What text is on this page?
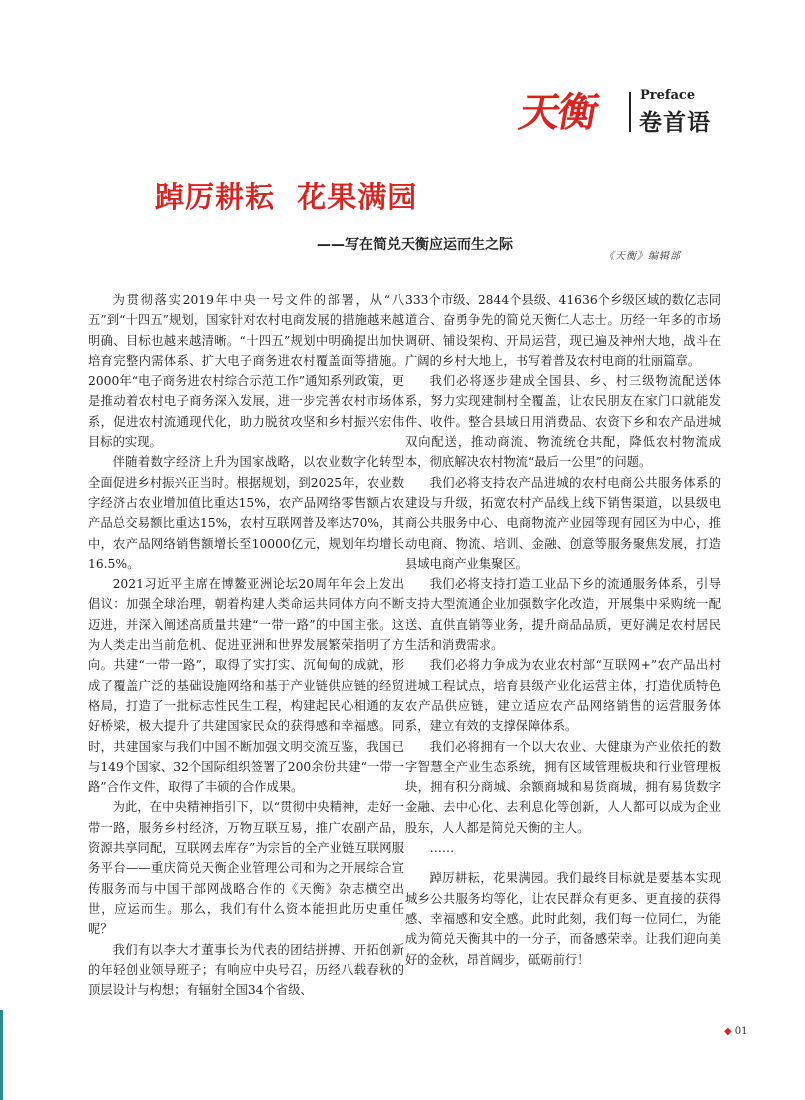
天衡	Preface
卷首语
踔厉耕耘  花果满园
——写在简兑天衡应运而生之际
《天衡》编辑部

为贯彻落实2019年中央一号文件的部署，从“八五”到“十四五”规划，国家针对农村电商发展的措施越来越明确、目标也越来越清晰。“十四五”规划中明确提出加快培育完整内需体系、扩大电子商务进农村覆盖面等措施。2000年“电子商务进农村综合示范工作”通知系列政策，更是推动着农村电子商务深入发展，进一步完善农村市场体系，促进农村流通现代化，助力脱贫攻坚和乡村振兴宏伟目标的实现。

伴随着数字经济上升为国家战略，以农业数字化转型全面促进乡村振兴正当时。根据规划，到2025年，农业数字经济占农业增加值比重达15%，农产品网络零售额占农产品总交易额比重达15%，农村互联网普及率达70%，其中，农产品网络销售额增长至10000亿元，规划年均增长16.5%。

2021习近平主席在博鳌亚洲论坛20周年年会上发出倡议：加强全球治理，朝着构建人类命运共同体方向不断迈进，并深入阐述高质量共建“一带一路”的中国主张。这为人类走出当前危机、促进亚洲和世界发展繁荣指明了方向。共建“一带一路”，取得了实打实、沉甸甸的成就，形成了覆盖广泛的基础设施网络和基于产业链供应链的经贸格局，打造了一批标志性民生工程，构建起民心相通的友好桥梁，极大提升了共建国家民众的获得感和幸福感。同时，共建国家与我们中国不断加强文明交流互鉴，我国已与149个国家、32个国际组织签署了200余份共建“一带一路”合作文件，取得了丰硕的合作成果。

为此，在中央精神指引下，以“贯彻中央精神，走好一带一路，服务乡村经济，万物互联互易，推广农副产品，资源共享同配，互联网去库存”为宗旨的全产业链互联网服务平台——重庆简兑天衡企业管理公司和为之开展综合宣传服务而与中国干部网战略合作的《天衡》杂志横空出世，应运而生。那么，我们有什么资本能担此历史重任呢？

我们有以李大才董事长为代表的团结拼搏、开拓创新的年轻创业领导班子；有响应中央号召，历经八载春秋的顶层设计与构想；有辐射全国34个省级、

333个市级、2844个县级、41636个乡级区域的数亿志同道合、奋勇争先的简兑天衡仁人志士。历经一年多的市场调研、铺设架构、开局运营，现已遍及神州大地，战斗在广阔的乡村大地上，书写着普及农村电商的壮丽篇章。

我们必将逐步建成全国县、乡、村三级物流配送体系，努力实现建制村全覆盖，让农民朋友在家门口就能发件、收件。整合县域日用消费品、农资下乡和农产品进城双向配送，推动商流、物流统仓共配，降低农村物流成本，彻底解决农村物流“最后一公里”的问题。

我们必将支持农产品进城的农村电商公共服务体系的建设与升级，拓宽农村产品线上线下销售渠道，以县级电商公共服务中心、电商物流产业园等现有园区为中心，推动电商、物流、培训、金融、创意等服务聚焦发展，打造县域电商产业集聚区。

我们必将支持打造工业品下乡的流通服务体系，引导支持大型流通企业加强数字化改造，开展集中采购统一配送、直供直销等业务，提升商品品质，更好满足农村居民生活和消费需求。

我们必将力争成为农业农村部“互联网+”农产品出村进城工程试点，培育县级产业化运营主体，打造优质特色农产品供应链，建立适应农产品网络销售的运营服务体系，建立有效的支撑保障体系。

我们必将拥有一个以大农业、大健康为产业依托的数字智慧全产业生态系统，拥有区域管理板块和行业管理板块，拥有积分商城、余额商城和易货商城，拥有易货数字金融、去中心化、去利息化等创新，人人都可以成为企业股东，人人都是简兑天衡的主人。

……

踔厉耕耘，花果满园。我们最终目标就是要基本实现城乡公共服务均等化，让农民群众有更多、更直接的获得感、幸福感和安全感。此时此刻，我们每一位同仁，为能成为简兑天衡其中的一分子，而备感荣幸。让我们迎向美好的金秋，昂首阔步，砥砺前行！

◆ 01
